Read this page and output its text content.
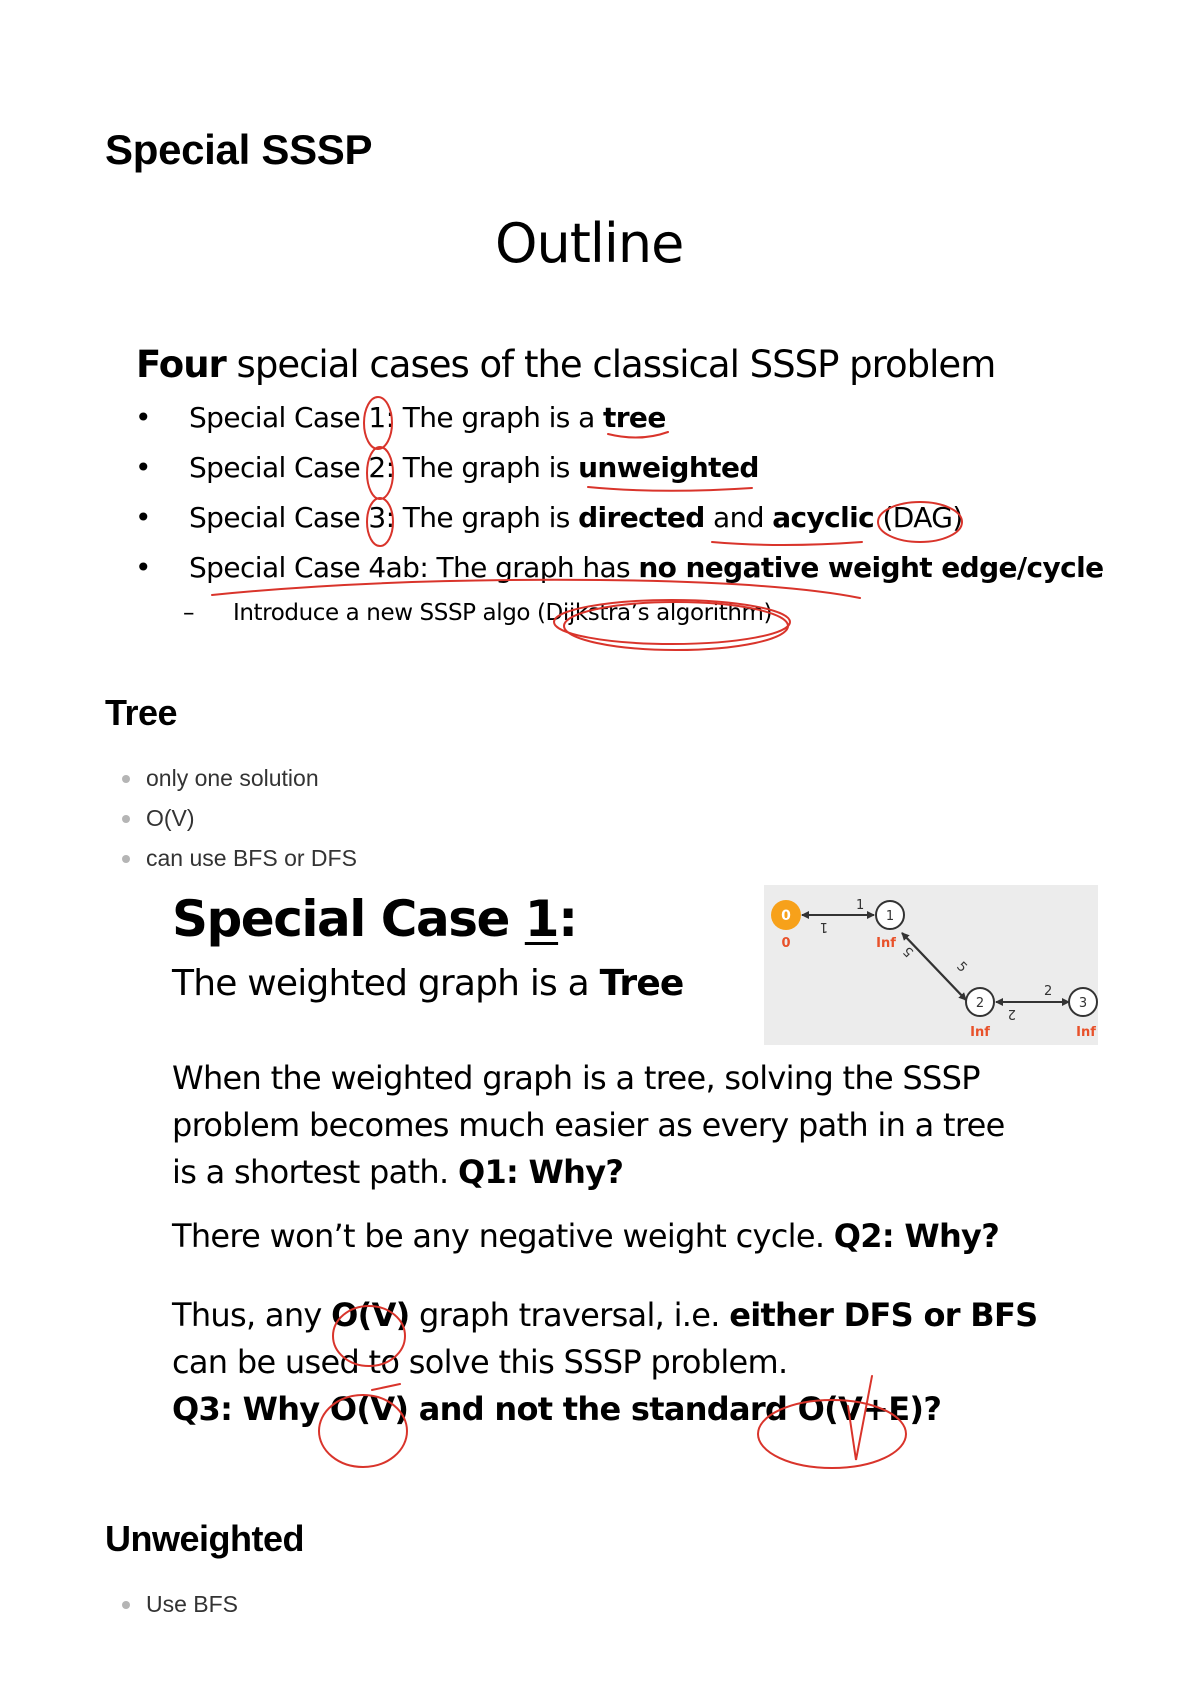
Special SSSP
Outline
Four special cases of the classical SSSP problem
• Special Case 1: The graph is a tree
• Special Case 2: The graph is unweighted
• Special Case 3: The graph is directed and acyclic (DAG)
• Special Case 4ab: The graph has no negative weight edge/cycle
– Introduce a new SSSP algo (Dijkstra’s algorithm)
Tree
only one solution
O(V)
can use BFS or DFS
Special Case 1:
The weighted graph is a Tree
1
1
5
5
2
2
0	1
2	3
0	Inf
Inf	Inf
When the weighted graph is a tree, solving the SSSP
problem becomes much easier as every path in a tree
is a shortest path. Q1: Why?
There won’t be any negative weight cycle. Q2: Why?
Thus, any O(V) graph traversal, i.e. either DFS or BFS
can be used to solve this SSSP problem.
Q3: Why O(V) and not the standard O(V+E)?
Unweighted
Use BFS
